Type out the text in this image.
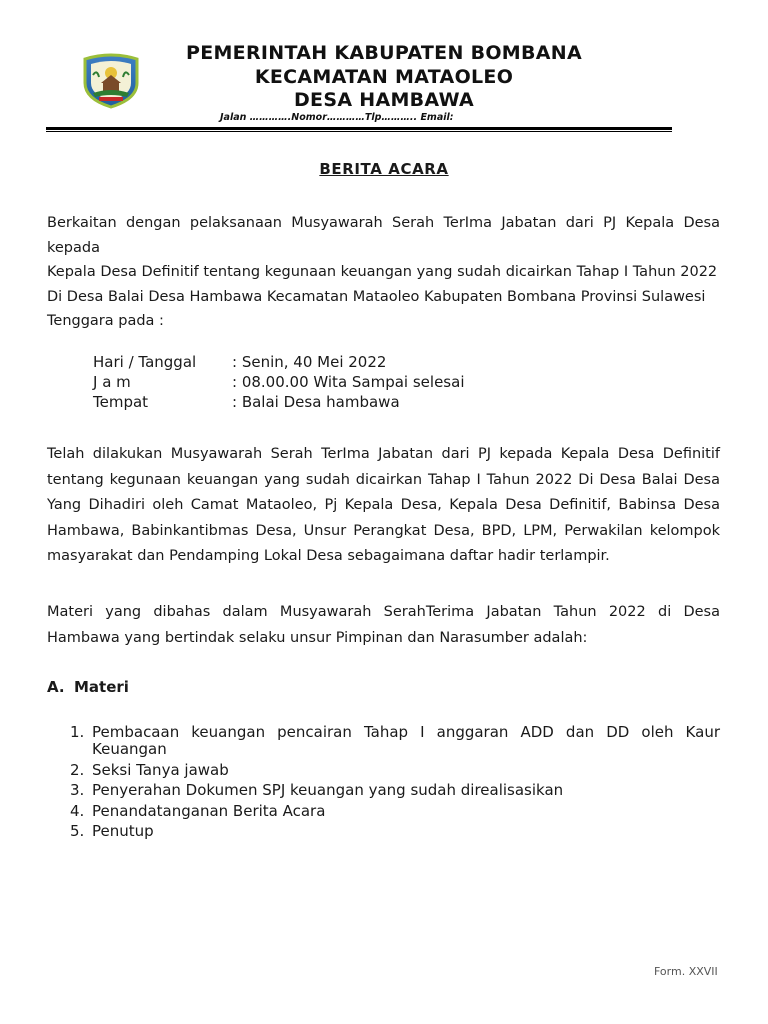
PEMERINTAH KABUPATEN BOMBANA
KECAMATAN MATAOLEO
DESA HAMBAWA
Jalan ………….Nomor…………Tlp……….. Email:
BERITA ACARA
Berkaitan dengan pelaksanaan Musyawarah Serah TerIma Jabatan dari PJ Kepala Desa kepada
Kepala Desa Definitif tentang kegunaan keuangan yang sudah dicairkan Tahap I Tahun 2022
Di Desa Balai Desa Hambawa Kecamatan Mataoleo Kabupaten Bombana Provinsi Sulawesi
Tenggara pada :
Hari / Tanggal	: Senin, 40 Mei 2022
J a m	: 08.00.00 Wita Sampai selesai
Tempat	: Balai Desa hambawa
Telah dilakukan Musyawarah Serah TerIma Jabatan dari PJ kepada Kepala Desa Definitif tentang kegunaan keuangan yang sudah dicairkan Tahap I Tahun 2022 Di Desa Balai Desa Yang Dihadiri oleh Camat Mataoleo, Pj Kepala Desa, Kepala Desa Definitif, Babinsa Desa Hambawa, Babinkantibmas Desa, Unsur Perangkat Desa, BPD, LPM, Perwakilan kelompok masyarakat dan Pendamping Lokal Desa sebagaimana daftar hadir terlampir.
Materi yang dibahas dalam Musyawarah SerahTerima Jabatan Tahun 2022 di Desa Hambawa yang bertindak selaku unsur Pimpinan dan Narasumber adalah:
A. Materi
1. Pembacaan keuangan pencairan Tahap I anggaran ADD dan DD oleh Kaur Keuangan
2. Seksi Tanya jawab
3. Penyerahan Dokumen SPJ keuangan yang sudah direalisasikan
4. Penandatanganan Berita Acara
5. Penutup
Form. XXVII
